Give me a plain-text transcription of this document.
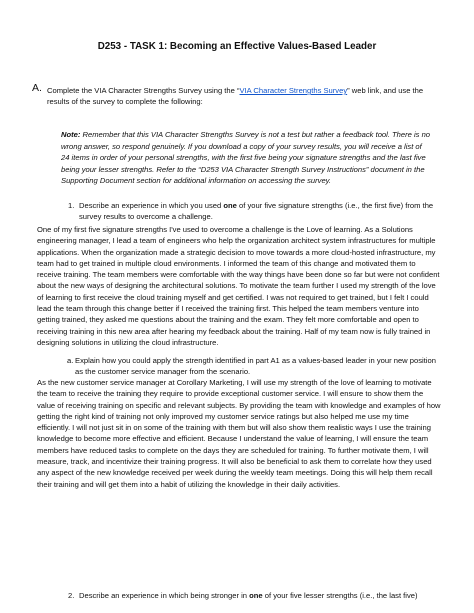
D253 - TASK 1: Becoming an Effective Values-Based Leader
A. Complete the VIA Character Strengths Survey using the “VIA Character Strengths Survey” web link, and use the results of the survey to complete the following:
Note: Remember that this VIA Character Strengths Survey is not a test but rather a feedback tool. There is no wrong answer, so respond genuinely. If you download a copy of your survey results, you will receive a list of 24 items in order of your personal strengths, with the first five being your signature strengths and the last five being your lesser strengths. Refer to the “D253 VIA Character Strength Survey Instructions” document in the Supporting Document section for additional information on accessing the survey.
1. Describe an experience in which you used one of your five signature strengths (i.e., the first five) from the survey results to overcome a challenge.

One of my first five signature strengths I've used to overcome a challenge is the Love of learning. As a Solutions engineering manager, I lead a team of engineers who help the organization architect system infrastructures for multiple applications. When the organization made a strategic decision to move towards a more cloud-hosted infrastructure, my team had to get trained in multiple cloud environments. I informed the team of this change and motivated them to receive training. The team members were comfortable with the way things have been done so far but were not confident about the new ways of designing the architectural solutions. To motivate the team further I used my strength of the love of learning to first receive the cloud training myself and get certified. I was not required to get trained, but I felt I could lead the team through this change better if I received the training first. This helped the team members venture into getting trained, they asked me questions about the training and the exam. They felt more comfortable and open to receiving training in this new area after hearing my feedback about the training. Half of my team now is fully trained in designing solutions in utilizing the cloud infrastructure.

a. Explain how you could apply the strength identified in part A1 as a values-based leader in your new position as the customer service manager from the scenario.

As the new customer service manager at Corollary Marketing, I will use my strength of the love of learning to motivate the team to receive the training they require to provide exceptional customer service. I will ensure to show them the value of receiving training on specific and relevant subjects. By providing the team with knowledge and examples of how getting the right kind of training not only improved my customer service ratings but also helped me use my time efficiently. I will not just sit in on some of the training with them but will also show them realistic ways I use the training knowledge to become more effective and efficient. Because I understand the value of learning, I will ensure the team members have reduced tasks to complete on the days they are scheduled for training. To further motivate them, I will measure, track, and incentivize their training progress. It will also be beneficial to ask them to correlate how they used any aspect of the new knowledge received per week during the weekly team meetings. Doing this will help them recall their training and will get them into a habit of utilizing the knowledge in their daily activities.

2. Describe an experience in which being stronger in one of your five lesser strengths (i.e., the last five)
